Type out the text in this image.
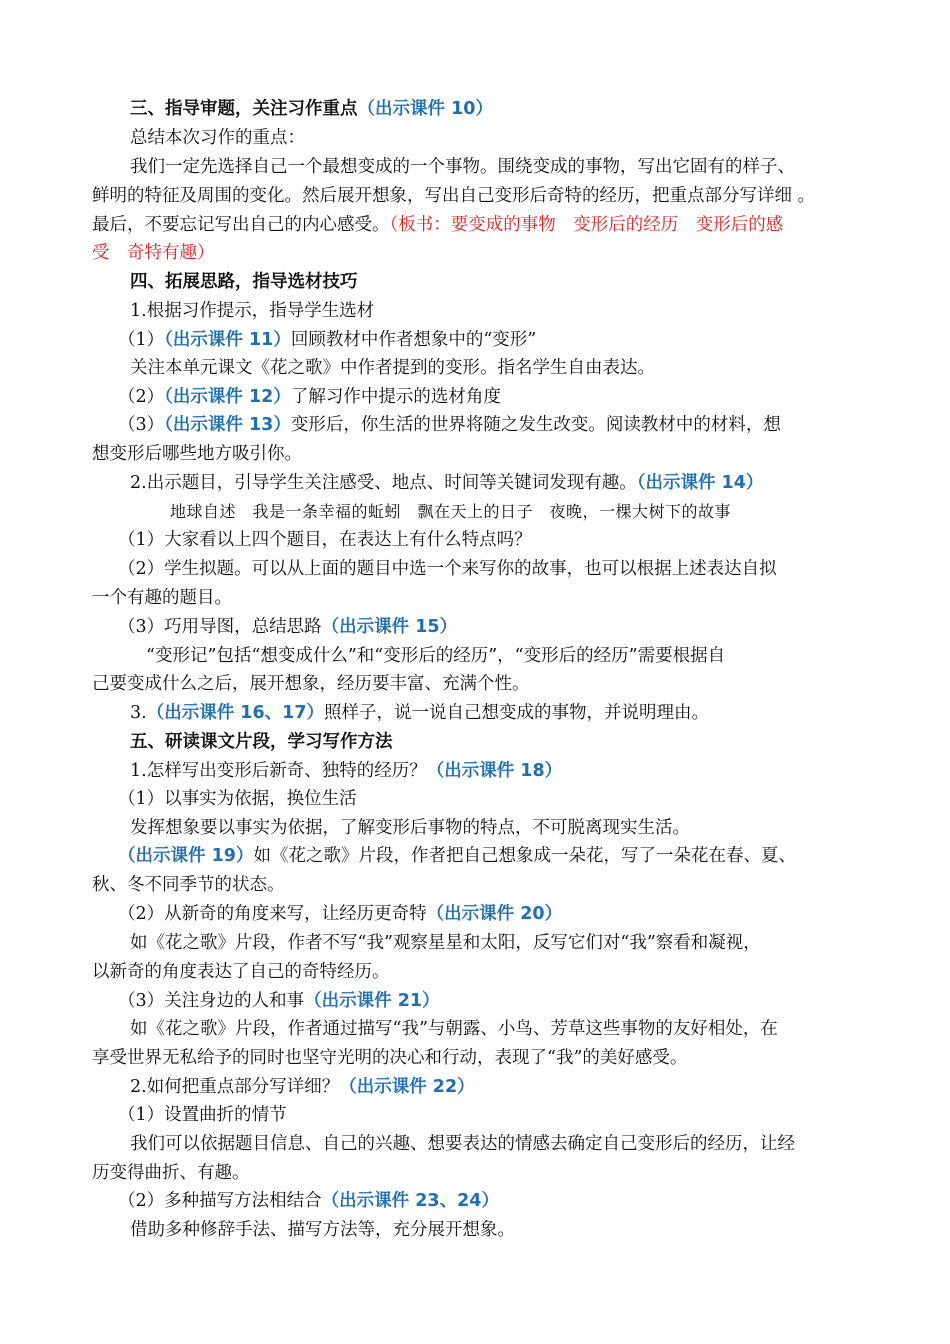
三、指导审题，关注习作重点（出示课件 10）
总结本次习作的重点：
我们一定先选择自己一个最想变成的一个事物。围绕变成的事物，写出它固有的样子、
鲜明的特征及周围的变化。然后展开想象，写出自己变形后奇特的经历，把重点部分写详细 。
最后，不要忘记写出自己的内心感受。（板书：要变成的事物　变形后的经历　变形后的感
受　奇特有趣）
四、拓展思路，指导选材技巧
1.根据习作提示，指导学生选材
（1）（出示课件 11）回顾教材中作者想象中的“变形”
关注本单元课文《花之歌》中作者提到的变形。指名学生自由表达。
（2）（出示课件 12）了解习作中提示的选材角度
（3）（出示课件 13）变形后，你生活的世界将随之发生改变。阅读教材中的材料，想
想变形后哪些地方吸引你。
2.出示题目，引导学生关注感受、地点、时间等关键词发现有趣。（出示课件 14）
地球自述　我是一条幸福的蚯蚓　飘在天上的日子　夜晚，一棵大树下的故事
（1）大家看以上四个题目，在表达上有什么特点吗？
（2）学生拟题。可以从上面的题目中选一个来写你的故事，也可以根据上述表达自拟
一个有趣的题目。
（3）巧用导图，总结思路（出示课件 15）
“变形记”包括“想变成什么”和“变形后的经历”，“变形后的经历”需要根据自
己要变成什么之后，展开想象，经历要丰富、充满个性。
3.（出示课件 16、17）照样子，说一说自己想变成的事物，并说明理由。
五、研读课文片段，学习写作方法
1.怎样写出变形后新奇、独特的经历？（出示课件 18）
（1）以事实为依据，换位生活
发挥想象要以事实为依据，了解变形后事物的特点，不可脱离现实生活。
（出示课件 19）如《花之歌》片段，作者把自己想象成一朵花，写了一朵花在春、夏、
秋、冬不同季节的状态。
（2）从新奇的角度来写，让经历更奇特（出示课件 20）
如《花之歌》片段，作者不写“我”观察星星和太阳，反写它们对“我”察看和凝视，
以新奇的角度表达了自己的奇特经历。
（3）关注身边的人和事（出示课件 21）
如《花之歌》片段，作者通过描写“我”与朝露、小鸟、芳草这些事物的友好相处，在
享受世界无私给予的同时也坚守光明的决心和行动，表现了“我”的美好感受。
2.如何把重点部分写详细？（出示课件 22）
（1）设置曲折的情节
我们可以依据题目信息、自己的兴趣、想要表达的情感去确定自己变形后的经历，让经
历变得曲折、有趣。
（2）多种描写方法相结合（出示课件 23、24）
借助多种修辞手法、描写方法等，充分展开想象。
